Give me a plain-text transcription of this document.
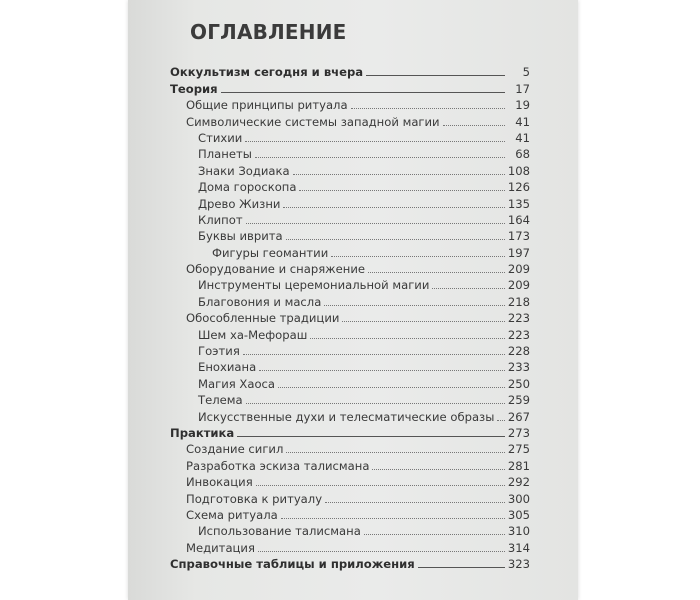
ОГЛАВЛЕНИЕ
Оккультизм сегодня и вчера	5
Теория	17
Общие принципы ритуала	19
Символические системы западной магии	41
Стихии	41
Планеты	68
Знаки Зодиака	108
Дома гороскопа	126
Древо Жизни	135
Клипот	164
Буквы иврита	173
Фигуры геомантии	197
Оборудование и снаряжение	209
Инструменты церемониальной магии	209
Благовония и масла	218
Обособленные традиции	223
Шем ха-Мефораш	223
Гоэтия	228
Енохиана	233
Магия Хаоса	250
Телема	259
Искусственные духи и телесматические образы 267
Практика	273
Создание сигил	275
Разработка эскиза талисмана	281
Инвокация	292
Подготовка к ритуалу	300
Схема ритуала	305
Использование талисмана	310
Медитация	314
Справочные таблицы и приложения	323
